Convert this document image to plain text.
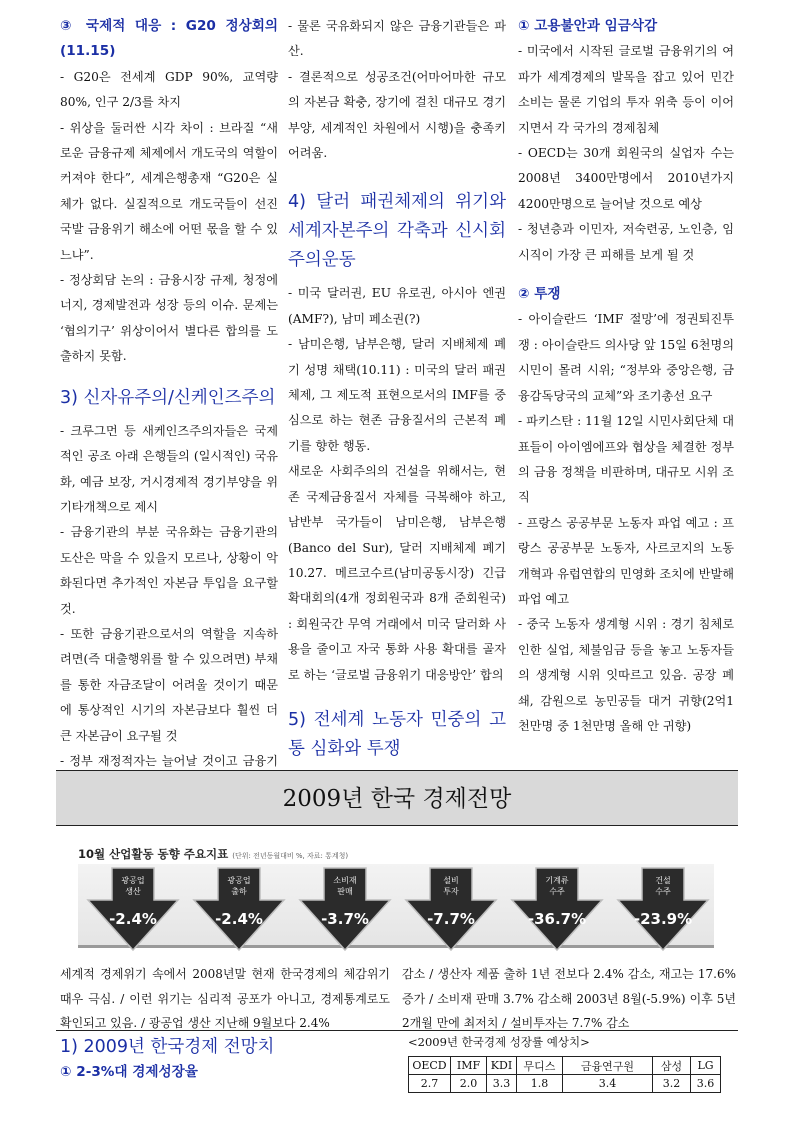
③ 국제적 대응 : G20 정상회의 (11.15)
- G20은 전세계 GDP 90%, 교역량 80%, 인구 2/3를 차지
- 위상을 둘러싼 시각 차이 : 브라질 “새로운 금융규제 체제에서 개도국의 역할이 커져야 한다”, 세계은행총재 “G20은 실체가 없다. 실질적으로 개도국들이 선진국발 금융위기 해소에 어떤 몫을 할 수 있느냐”.
- 정상회담 논의 : 금융시장 규제, 청정에너지, 경제발전과 성장 등의 이슈. 문제는 ‘협의기구’ 위상이어서 별다른 합의를 도출하지 못함.
3) 신자유주의/신케인즈주의
- 크루그먼 등 새케인즈주의자들은 국제적인 공조 아래 은행들의 (일시적인) 국유화, 예금 보장, 거시경제적 경기부양을 위기타개책으로 제시
- 금융기관의 부분 국유화는 금융기관의 도산은 막을 수 있을지 모르나, 상황이 악화된다면 추가적인 자본금 투입을 요구할 것.
- 또한 금융기관으로서의 역할을 지속하려면(즉 대출행위를 할 수 있으려면) 부채를 통한 자금조달이 어려울 것이기 때문에 통상적인 시기의 자본금보다 훨씬 더 큰 자본금이 요구될 것
- 정부 재정적자는 늘어날 것이고 금융기
- 물론 국유화되지 않은 금융기관들은 파산.
- 결론적으로 성공조건(어마어마한 규모의 자본금 확충, 장기에 걸친 대규모 경기부양, 세계적인 차원에서 시행)을 충족키 어려움.
4) 달러 패권체제의 위기와 세계자본주의 각축과 신시회주의운동
- 미국 달러권, EU 유로권, 아시아 엔권(AMF?), 남미 페소권(?)
- 남미은행, 남부은행, 달러 지배체제 폐기 성명 채택(10.11) : 미국의 달러 패권체제, 그 제도적 표현으로서의 IMF를 중심으로 하는 현존 금융질서의 근본적 폐기를 향한 행동.
새로운 사회주의의 건설을 위해서는, 현존 국제금융질서 자체를 극복해야 하고, 남반부 국가들이 남미은행, 남부은행(Banco del Sur), 달러 지배체제 폐기 10.27. 메르코수르(남미공동시장) 긴급확대회의(4개 정회원국과 8개 준회원국) : 회원국간 무역 거래에서 미국 달러화 사용을 줄이고 자국 통화 사용 확대를 골자로 하는 ‘글로벌 금융위기 대응방안’ 합의
5) 전세계 노동자 민중의 고통 심화와 투쟁
① 고용불안과 임금삭감
- 미국에서 시작된 글로벌 금융위기의 여파가 세계경제의 발목을 잡고 있어 민간 소비는 물론 기업의 투자 위축 등이 이어지면서 각 국가의 경제침체
- OECD는 30개 회원국의 실업자 수는 2008년 3400만명에서 2010년가지 4200만명으로 늘어날 것으로 예상
- 청년층과 이민자, 저숙련공, 노인층, 임시직이 가장 큰 피해를 보게 될 것
② 투쟁
- 아이슬란드 ‘IMF 절망’에 정권퇴진투쟁 : 아이슬란드 의사당 앞 15일 6천명의 시민이 몰려 시위; “정부와 중앙은행, 금융감독당국의 교체”와 조기총선 요구
- 파키스탄 : 11월 12일 시민사회단체 대표들이 아이엠에프와 협상을 체결한 정부의 금융 정책을 비판하며, 대규모 시위 조직
- 프랑스 공공부문 노동자 파업 예고 : 프랑스 공공부문 노동자, 사르코지의 노동개혁과 유럽연합의 민영화 조치에 반발해 파업 예고
- 중국 노동자 생계형 시위 : 경기 침체로 인한 실업, 체불임금 등을 놓고 노동자들의 생계형 시위 잇따르고 있음. 공장 폐쇄, 감원으로 농민공들 대거 귀향(2억1천만명 중 1천만명 올해 안 귀향)
2009년 한국 경제전망
10월 산업활동 동향 주요지표 (단위: 전년동월대비 %, 자료: 통계청)
광공업
생산
-2.4%
광공업
출하
-2.4%
소비재
판매
-3.7%
설비
투자
-7.7%
기계류
수주
-36.7%
건설
수주
-23.9%
세계적 경제위기 속에서 2008년말 현재 한국경제의 체감위기 때우 극심. / 이런 위기는 심리적 공포가 아니고, 경제통계로도 확인되고 있음. / 광공업 생산 지난해 9월보다 2.4%
감소 / 생산자 제품 출하 1년 전보다 2.4% 감소, 재고는 17.6% 증가 / 소비재 판매 3.7% 감소해 2003년 8월(-5.9%) 이후 5년2개월 만에 최저치 / 설비투자는 7.7% 감소
1) 2009년 한국경제 전망치
① 2-3%대 경제성장율
<2009년 한국경제 성장률 예상치>
OECD	IMF	KDI	무디스	금융연구원	삼성	LG
2.7	2.0	3.3	1.8	3.4	3.2	3.6
